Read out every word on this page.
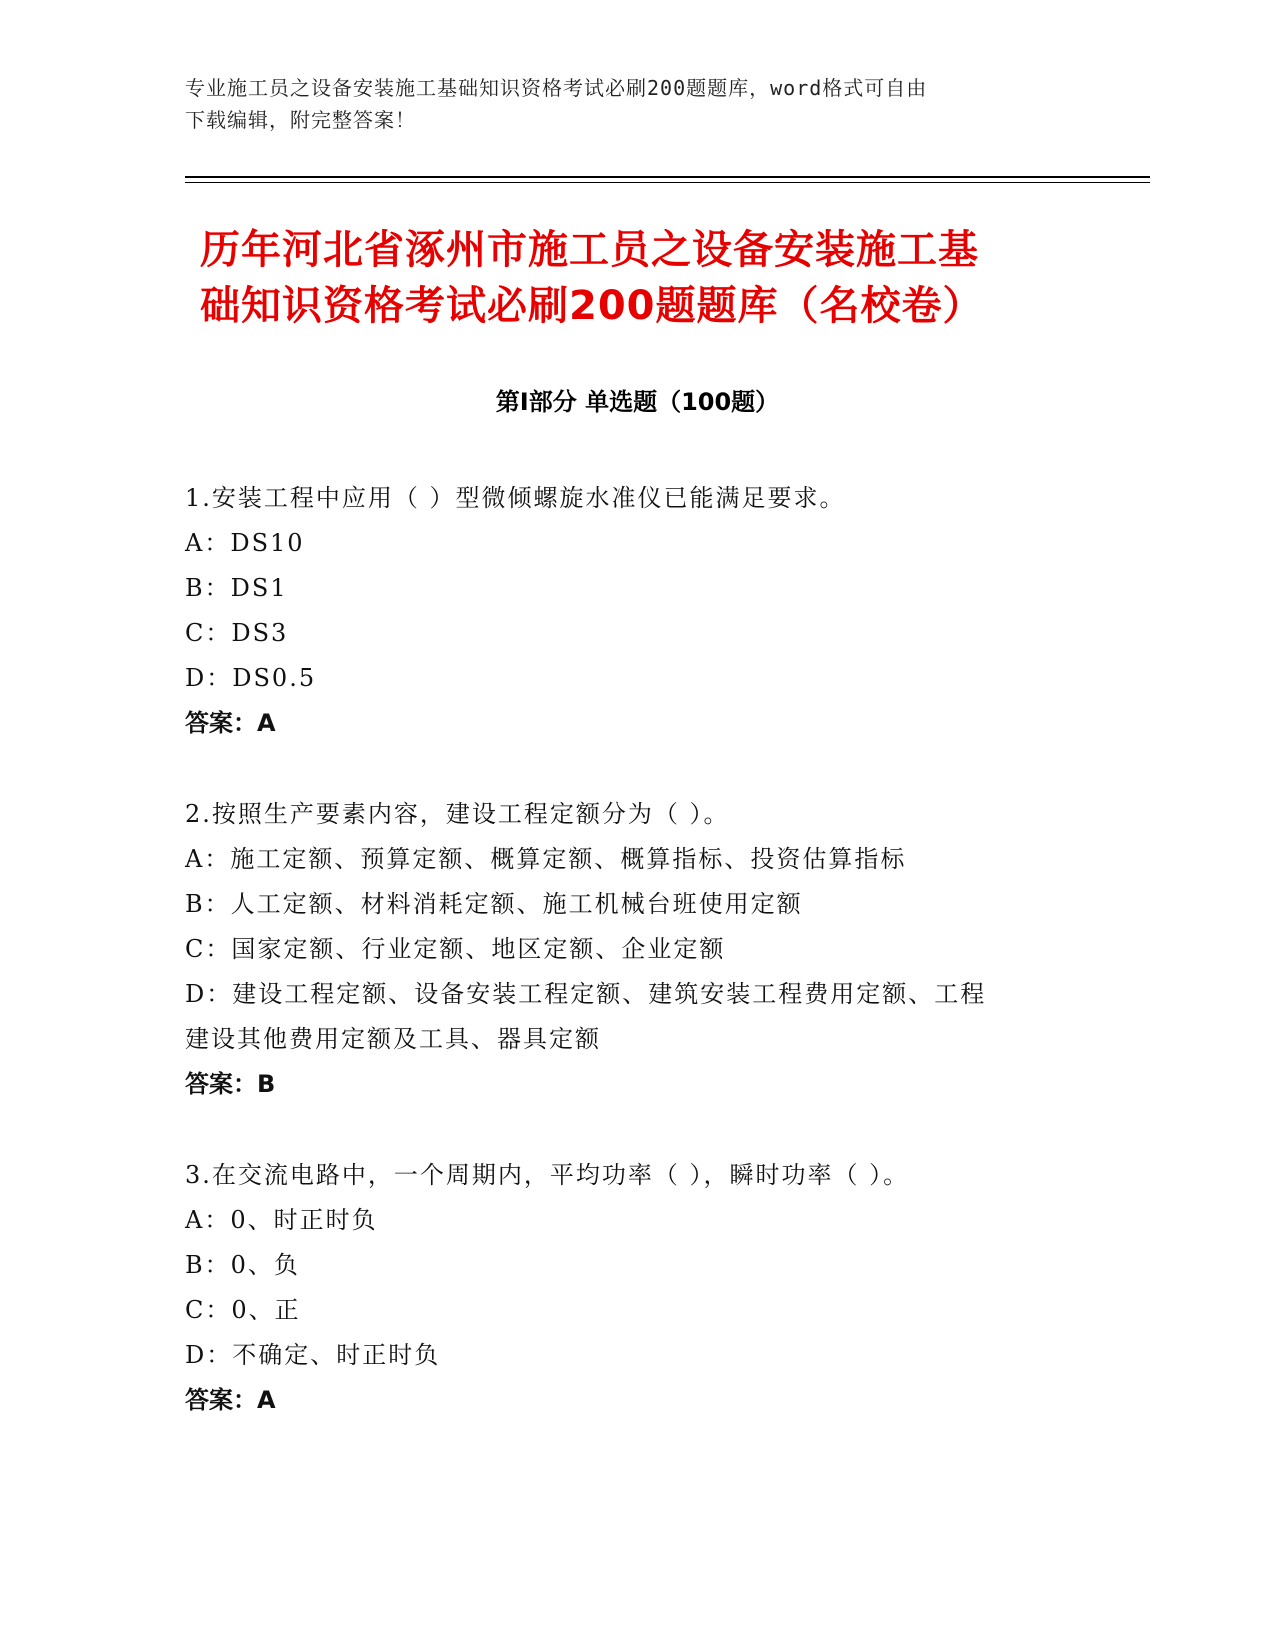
专业施工员之设备安装施工基础知识资格考试必刷200题题库，word格式可自由
下载编辑，附完整答案！
历年河北省涿州市施工员之设备安装施工基
础知识资格考试必刷200题题库（名校卷）
第Ⅰ部分 单选题（100题）
1.安装工程中应用（ ）型微倾螺旋水准仪已能满足要求。
A：DS10
B：DS1
C：DS3
D：DS0.5
答案：A
2.按照生产要素内容，建设工程定额分为（ ）。
A：施工定额、预算定额、概算定额、概算指标、投资估算指标
B：人工定额、材料消耗定额、施工机械台班使用定额
C：国家定额、行业定额、地区定额、企业定额
D：建设工程定额、设备安装工程定额、建筑安装工程费用定额、工程
建设其他费用定额及工具、器具定额
答案：B
3.在交流电路中，一个周期内，平均功率（ ），瞬时功率（ ）。
A：0、时正时负
B：0、负
C：0、正
D：不确定、时正时负
答案：A
